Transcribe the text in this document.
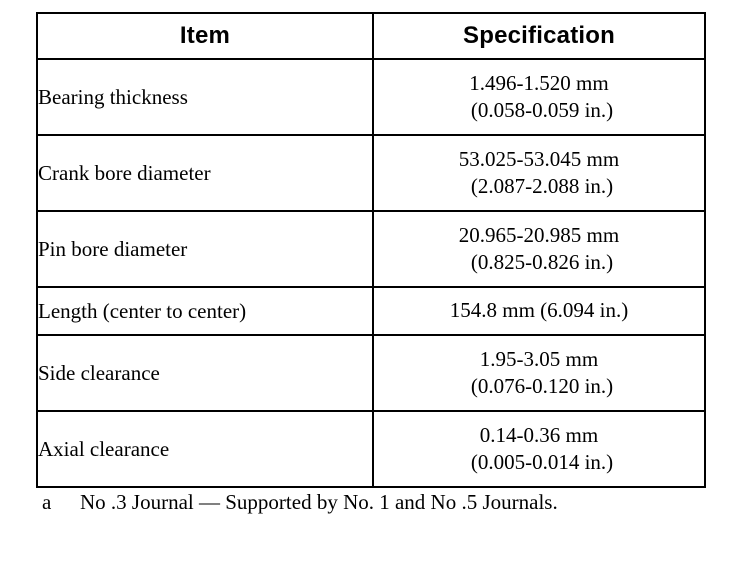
Item	Specification
Bearing thickness	1.496-1.520 mm
(0.058-0.059 in.)

Crank bore diameter	53.025-53.045 mm
(2.087-2.088 in.)

Pin bore diameter	20.965-20.985 mm
(0.825-0.826 in.)

Length (center to center)	154.8 mm (6.094 in.)

Side clearance	1.95-3.05 mm
(0.076-0.120 in.)

Axial clearance	0.14-0.36 mm
(0.005-0.014 in.)
a No .3 Journal — Supported by No. 1 and No .5 Journals.
